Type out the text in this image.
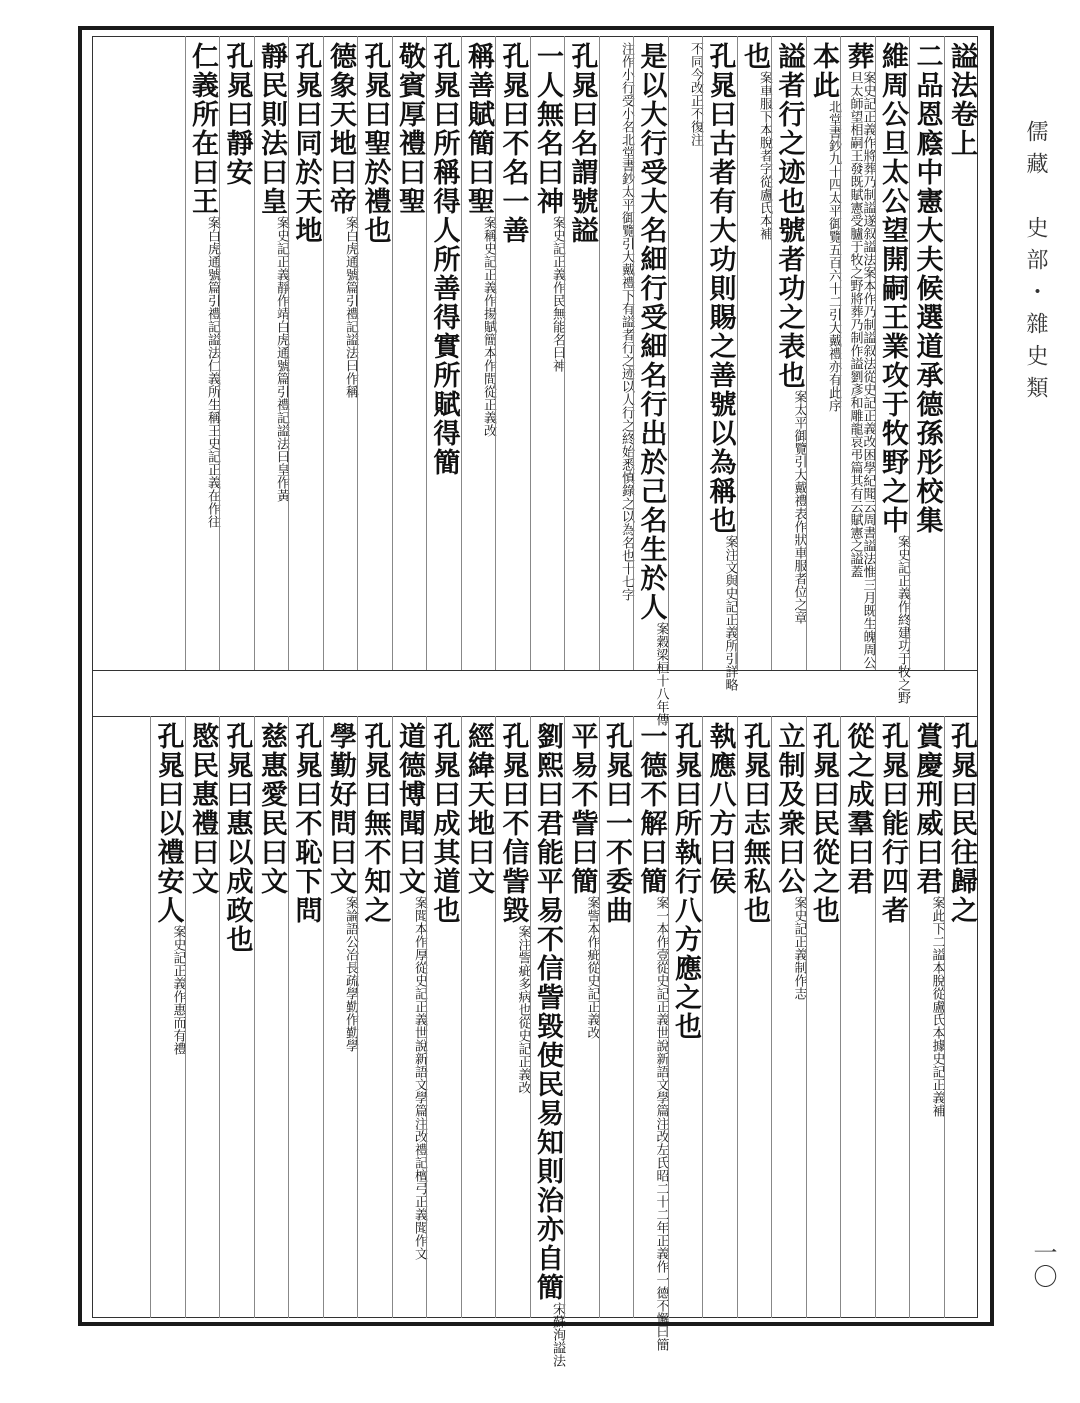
儒藏　史部・雜史類
一〇
謚法卷上
二品恩廕中憲大夫候選道承德孫彤校集
維周公旦太公望開嗣王業攻于牧野之中案史記正義作終建功于牧之野
葬案史記正義作將葬乃制謚遂叙謚法案本作乃制謚叙法從史記正義改困學紀聞云周書謚法惟三月既生魄周公旦太師望相嗣王發既賦憲受臚于牧之野將葬乃制作謚劉彥和雕龍哀弔篇其有云賦憲之謚蓋
本此北堂書鈔九十四太平御覽五百六十二引大戴禮亦有此序
謚者行之迹也號者功之表也案太平御覽引大戴禮表作狀車服者位之章
也案車服下本脫者字從盧氏本補
孔晁曰古者有大功則賜之善號以為稱也案注文與史記正義所引詳略
不同今改正不復注
是以大行受大名細行受細名行出於己名生於人案穀梁桓十八年傳
注作小行受小名北堂書鈔太平御覽引大戴禮下有謚者行之迹以人行之終始悉慎錄之以為名也十七字
孔晁曰名謂號謚
一人無名曰神案史記正義作民無能名曰神
孔晁曰不名一善
稱善賦簡曰聖案稱史記正義作揚賦簡本作間從正義改
孔晁曰所稱得人所善得實所賦得簡
敬賓厚禮曰聖
孔晁曰聖於禮也
德象天地曰帝案白虎通號篇引禮記謚法曰作稱
孔晁曰同於天地
靜民則法曰皇案史記正義靜作靖白虎通號篇引禮記謚法曰皇作黃
孔晁曰靜安
仁義所在曰王案白虎通號篇引禮記謚法仁義所生稱王史記正義在作往
孔晁曰民往歸之
賞慶刑威曰君案此下二謚本脫從盧氏本據史記正義補
孔晁曰能行四者
從之成羣曰君
孔晁曰民從之也
立制及衆曰公案史記正義制作志
孔晁曰志無私也
執應八方曰侯
孔晁曰所執行八方應之也
一德不解曰簡案一本作壹從史記正義世說新語文學篇注改左氏昭二十二年正義作一德不懈曰簡
孔晁曰一不委曲
平易不訾曰簡案訾本作疵從史記正義改
劉熙曰君能平易不信訾毀使民易知則治亦自簡宋蘇洵謚法
孔晁曰不信訾毀案注訾疵多病也從史記正義改
經緯天地曰文
孔晁曰成其道也
道德博聞曰文案聞本作厚從史記正義世說新語文學篇注改禮記檀弓正義聞作文
孔晁曰無不知之
學勤好問曰文案論語公冶長疏學勤作勤學
孔晁曰不恥下問
慈惠愛民曰文
孔晁曰惠以成政也
愍民惠禮曰文
孔晁曰以禮安人案史記正義作惠而有禮
